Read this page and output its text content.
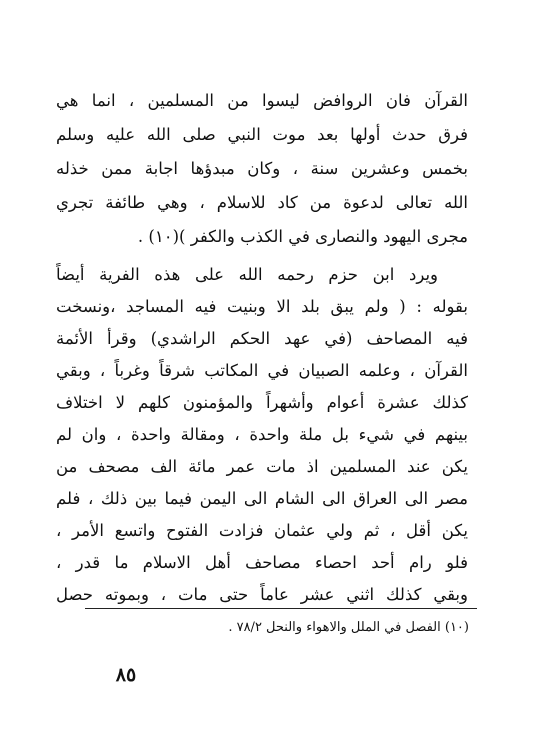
القرآن فان الروافض ليسوا من المسلمين ، انما هي
فرق حدث أولها بعد موت النبي صلى الله عليه وسلم
بخمس وعشرين سنة ، وكان مبدؤها اجابة ممن خذله
الله تعالى لدعوة من كاد للاسلام ، وهي طائفة تجري
مجرى اليهود والنصارى في الكذب والكفر )(١٠) .
ويرد ابن حزم رحمه الله على هذه الفرية أيضاً
بقوله : ( ولم يبق بلد الا وبنيت فيه المساجد ،ونسخت
فيه المصاحف (في عهد الحكم الراشدي) وقرأ الأئمة
القرآن ، وعلمه الصبيان في المكاتب شرقاً وغرباً ، وبقي
كذلك عشرة أعوام وأشهراً والمؤمنون كلهم لا اختلاف
بينهم في شيء بل ملة واحدة ، ومقالة واحدة ، وان لم
يكن عند المسلمين اذ مات عمر مائة الف مصحف من
مصر الى العراق الى الشام الى اليمن فيما بين ذلك ، فلم
يكن أقل ، ثم ولي عثمان فزادت الفتوح واتسع الأمر ،
فلو رام أحد احصاء مصاحف أهل الاسلام ما قدر ،
وبقي كذلك اثني عشر عاماً حتى مات ، وبموته حصل
(١٠) الفصل في الملل والاهواء والنحل ٧٨/٢ .
٨٥
